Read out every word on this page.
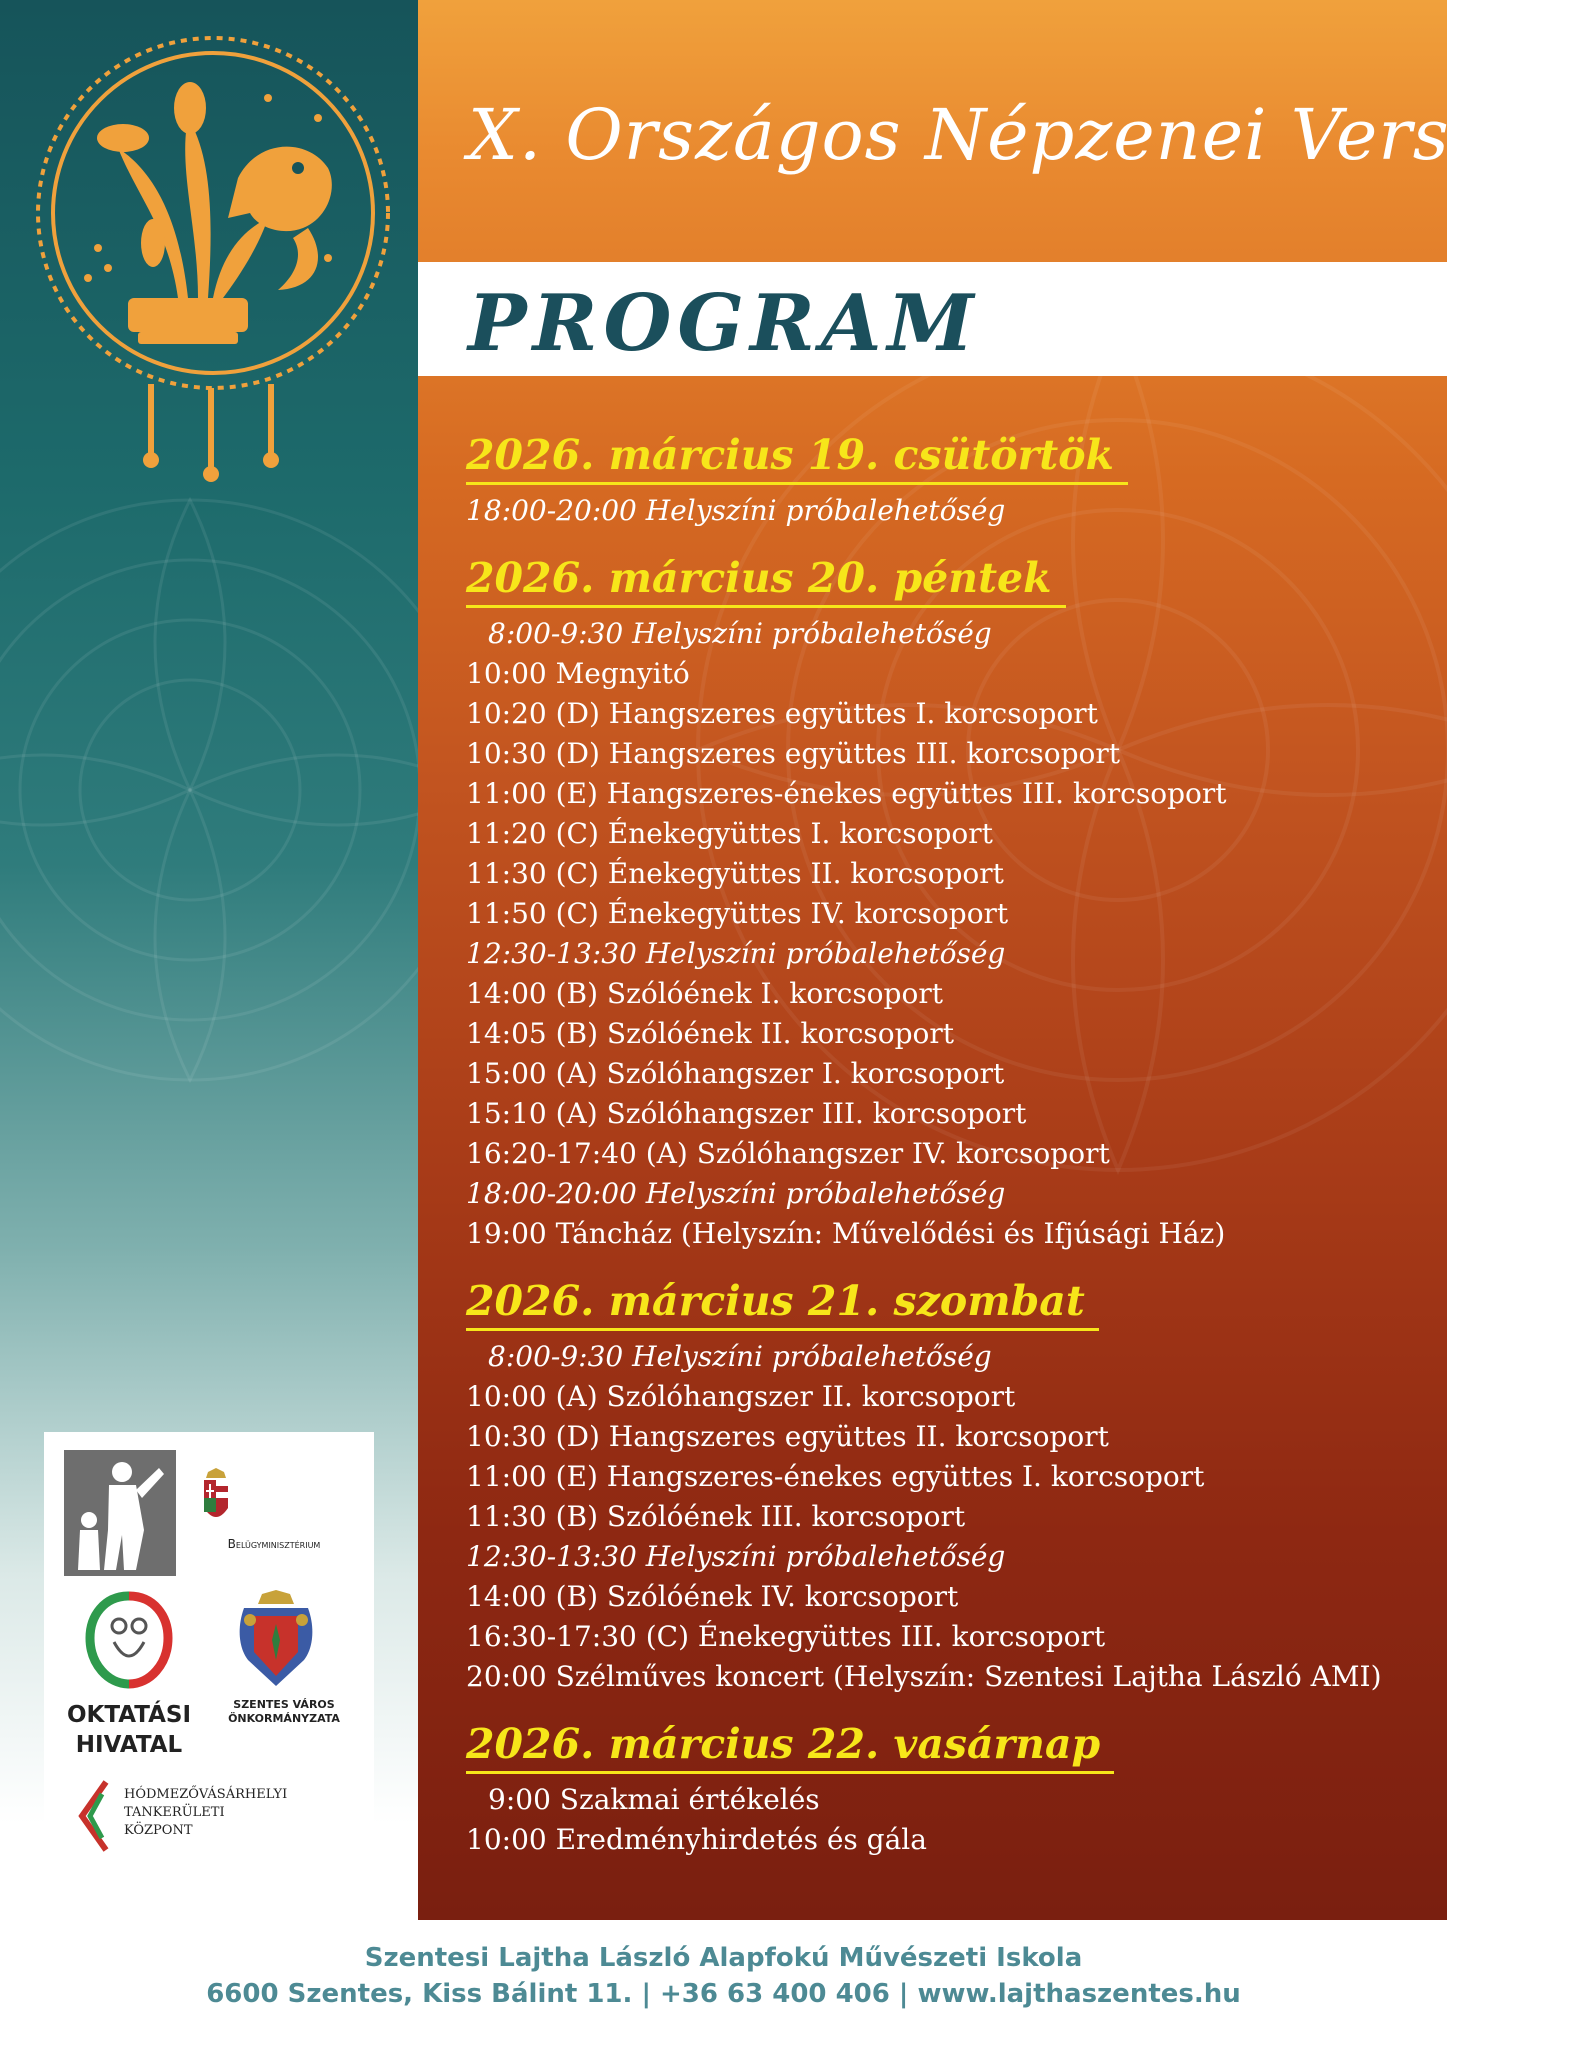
Belügyminisztérium
OKTATÁSI
HIVATAL
SZENTES VÁROS
ÖNKORMÁNYZATA
HÓDMEZŐVÁSÁRHELYI
TANKERÜLETI
KÖZPONT
X. Országos Népzenei Verseny
PROGRAM
2026. március 19. csütörtök
18:00-20:00 Helyszíni próbalehetőség
2026. március 20. péntek
8:00-9:30 Helyszíni próbalehetőség
10:00 Megnyitó
10:20 (D) Hangszeres együttes I. korcsoport
10:30 (D) Hangszeres együttes III. korcsoport
11:00 (E) Hangszeres-énekes együttes III. korcsoport
11:20 (C) Énekegyüttes I. korcsoport
11:30 (C) Énekegyüttes II. korcsoport
11:50 (C) Énekegyüttes IV. korcsoport
12:30-13:30 Helyszíni próbalehetőség
14:00 (B) Szólóének I. korcsoport
14:05 (B) Szólóének II. korcsoport
15:00 (A) Szólóhangszer I. korcsoport
15:10 (A) Szólóhangszer III. korcsoport
16:20-17:40 (A) Szólóhangszer IV. korcsoport
18:00-20:00 Helyszíni próbalehetőség
19:00 Táncház (Helyszín: Művelődési és Ifjúsági Ház)
2026. március 21. szombat
8:00-9:30 Helyszíni próbalehetőség
10:00 (A) Szólóhangszer II. korcsoport
10:30 (D) Hangszeres együttes II. korcsoport
11:00 (E) Hangszeres-énekes együttes I. korcsoport
11:30 (B) Szólóének III. korcsoport
12:30-13:30 Helyszíni próbalehetőség
14:00 (B) Szólóének IV. korcsoport
16:30-17:30 (C) Énekegyüttes III. korcsoport
20:00 Szélműves koncert (Helyszín: Szentesi Lajtha László AMI)
2026. március 22. vasárnap
9:00 Szakmai értékelés
10:00 Eredményhirdetés és gála
Szentesi Lajtha László Alapfokú Művészeti Iskola
6600 Szentes, Kiss Bálint 11. | +36 63 400 406 | www.lajthaszentes.hu
